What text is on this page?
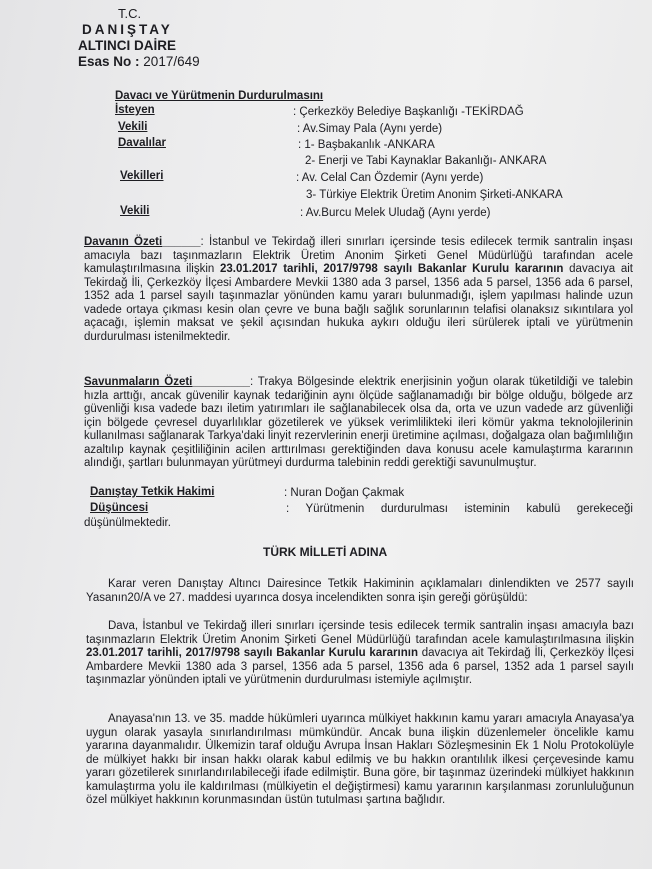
T.C.
DANIŞTAY
ALTINCI DAİRE
Esas No : 2017/649
Davacı ve Yürütmenin Durdurulmasını
İsteyen	: Çerkezköy Belediye Başkanlığı -TEKİRDAĞ
Vekili	: Av.Simay Pala (Aynı yerde)
Davalılar	: 1- Başbakanlık -ANKARA
2- Enerji ve Tabi Kaynaklar Bakanlığı- ANKARA
Vekilleri	: Av. Celal Can Özdemir (Aynı yerde)
3- Türkiye Elektrik Üretim Anonim Şirketi-ANKARA
Vekili	: Av.Burcu Melek Uludağ (Aynı yerde)
Davanın Özeti______: İstanbul ve Tekirdağ illeri sınırları içersinde tesis edilecek termik santralin inşası amacıyla bazı taşınmazların Elektrik Üretim Anonim Şirketi Genel Müdürlüğü tarafından acele kamulaştırılmasına ilişkin 23.01.2017 tarihli, 2017/9798 sayılı Bakanlar Kurulu kararının davacıya ait Tekirdağ İli, Çerkezköy İlçesi Ambardere Mevkii 1380 ada 3 parsel, 1356 ada 5 parsel, 1356 ada 6 parsel, 1352 ada 1 parsel sayılı taşınmazlar yönünden kamu yararı bulunmadığı, işlem yapılması halinde uzun vadede ortaya çıkması kesin olan çevre ve buna bağlı sağlık sorunlarının telafisi olanaksız sıkıntılara yol açacağı, işlemin maksat ve şekil açısından hukuka aykırı olduğu ileri sürülerek iptali ve yürütmenin durdurulması istenilmektedir.
Savunmaların Özeti_________: Trakya Bölgesinde elektrik enerjisinin yoğun olarak tüketildiği ve talebin hızla arttığı, ancak güvenilir kaynak tedariğinin aynı ölçüde sağlanamadığı bir bölge olduğu, bölgede arz güvenliği kısa vadede bazı iletim yatırımları ile sağlanabilecek olsa da, orta ve uzun vadede arz güvenliği için bölgede çevresel duyarlılıklar gözetilerek ve yüksek verimlilikteki ileri kömür yakma teknolojilerinin kullanılması sağlanarak Tarkya'daki linyit rezervlerinin enerji üretimine açılması, doğalgaza olan bağımlılığın azaltılıp kaynak çeşitliliğinin acilen arttırılması gerektiğinden dava konusu acele kamulaştırma kararının alındığı, şartları bulunmayan yürütmeyi durdurma talebinin reddi gerektiği savunulmuştur.
Danıştay Tetkik Hakimi	: Nuran Doğan Çakmak
Düşüncesi	: Yürütmenin durdurulması isteminin kabulü gerekeceği düşünülmektedir.
TÜRK MİLLETİ ADINA
Karar veren Danıştay Altıncı Dairesince Tetkik Hakiminin açıklamaları dinlendikten ve 2577 sayılı Yasanın20/A ve 27. maddesi uyarınca dosya incelendikten sonra işin gereği görüşüldü:
Dava, İstanbul ve Tekirdağ illeri sınırları içersinde tesis edilecek termik santralin inşası amacıyla bazı taşınmazların Elektrik Üretim Anonim Şirketi Genel Müdürlüğü tarafından acele kamulaştırılmasına ilişkin 23.01.2017 tarihli, 2017/9798 sayılı Bakanlar Kurulu kararının davacıya ait Tekirdağ İli, Çerkezköy İlçesi Ambardere Mevkii 1380 ada 3 parsel, 1356 ada 5 parsel, 1356 ada 6 parsel, 1352 ada 1 parsel sayılı taşınmazlar yönünden iptali ve yürütmenin durdurulması istemiyle açılmıştır.
Anayasa'nın 13. ve 35. madde hükümleri uyarınca mülkiyet hakkının kamu yararı amacıyla Anayasa'ya uygun olarak yasayla sınırlandırılması mümkündür. Ancak buna ilişkin düzenlemeler öncelikle kamu yararına dayanmalıdır. Ülkemizin taraf olduğu Avrupa İnsan Hakları Sözleşmesinin Ek 1 Nolu Protokolüyle de mülkiyet hakkı bir insan hakkı olarak kabul edilmiş ve bu hakkın orantılılık ilkesi çerçevesinde kamu yararı gözetilerek sınırlandırılabileceği ifade edilmiştir. Buna göre, bir taşınmaz üzerindeki mülkiyet hakkının kamulaştırma yolu ile kaldırılması (mülkiyetin el değiştirmesi) kamu yararının karşılanması zorunluluğunun özel mülkiyet hakkının korunmasından üstün tutulması şartına bağlıdır.
